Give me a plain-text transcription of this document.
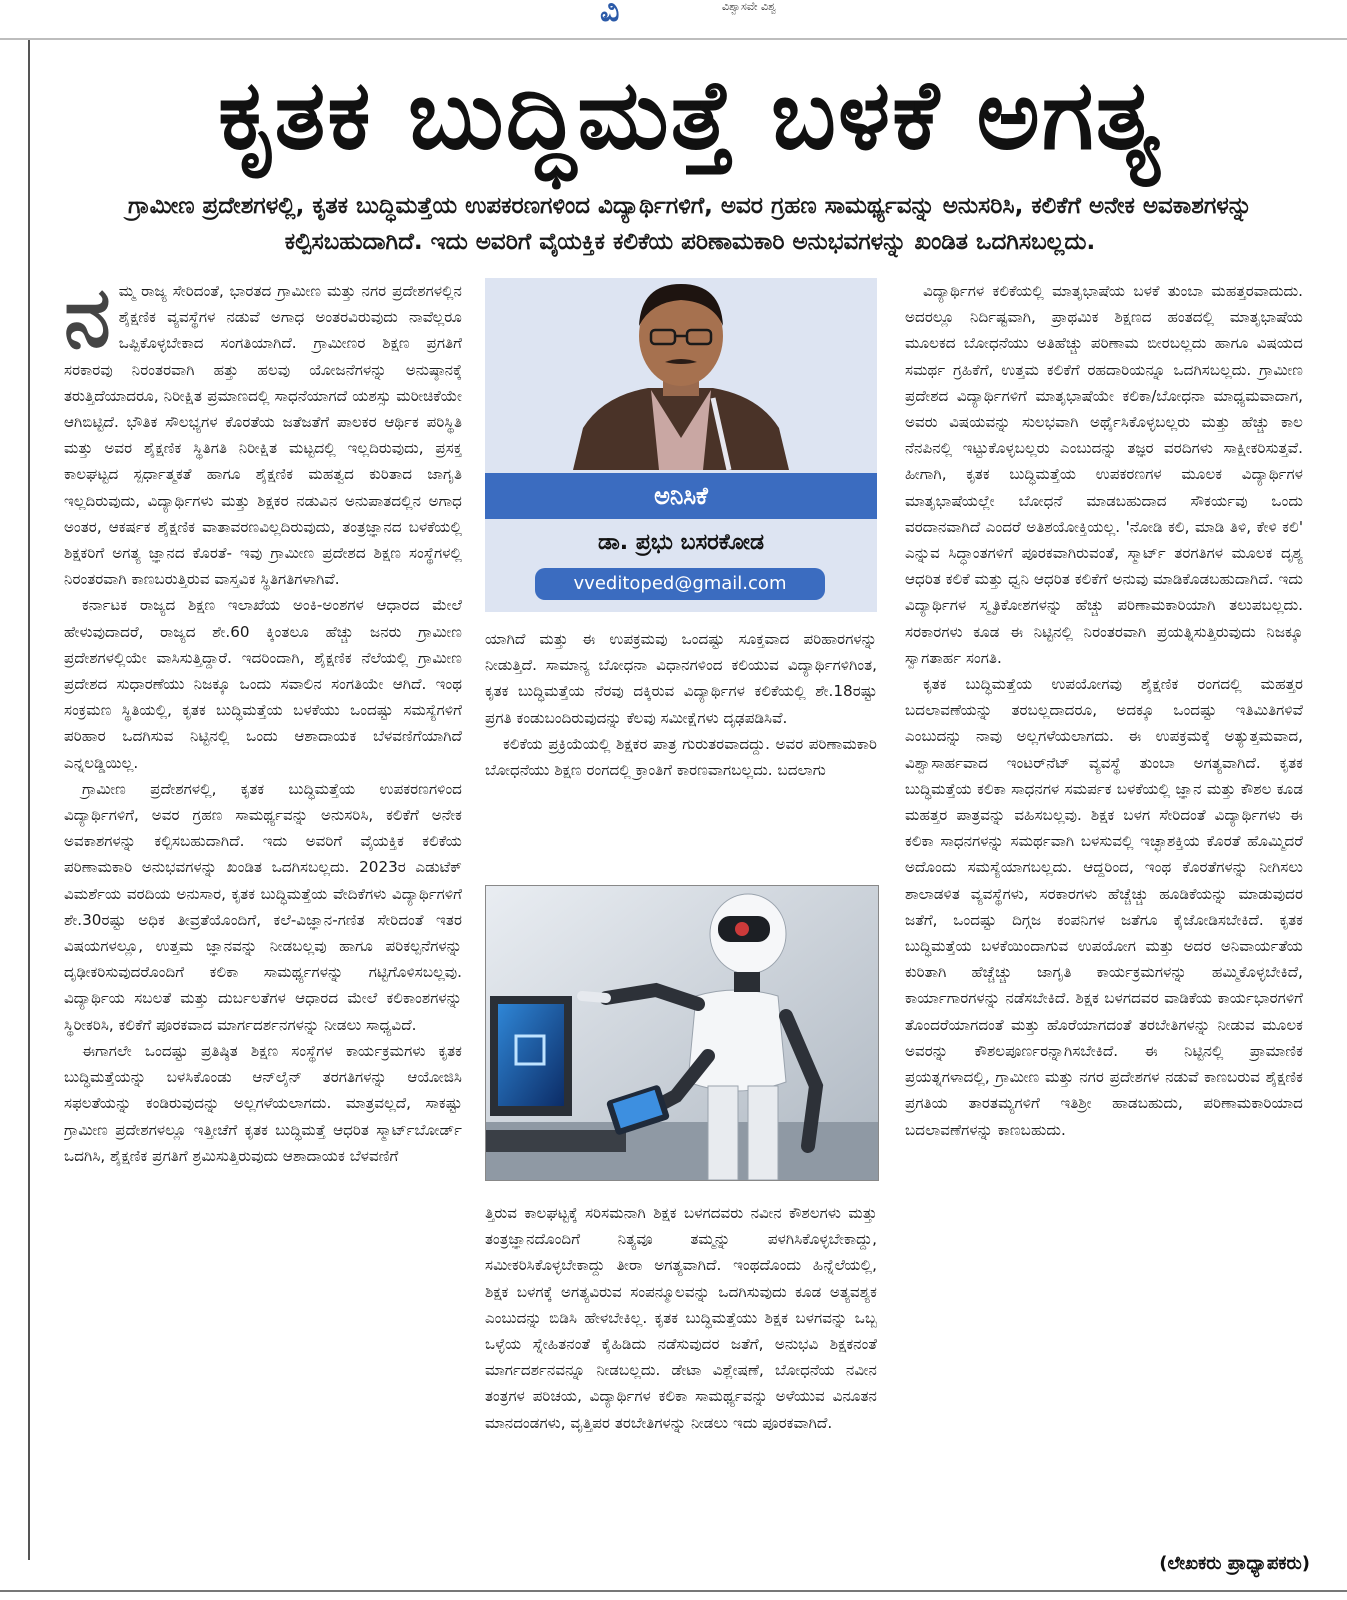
ವಿ	ವಿಶ್ವಾಸವೇ ವಿಶ್ವ
ಕೃತಕ ಬುದ್ಧಿಮತ್ತೆ ಬಳಕೆ ಅಗತ್ಯ
ಗ್ರಾಮೀಣ ಪ್ರದೇಶಗಳಲ್ಲಿ, ಕೃತಕ ಬುದ್ಧಿಮತ್ತೆಯ ಉಪಕರಣಗಳಿಂದ ವಿದ್ಯಾರ್ಥಿಗಳಿಗೆ, ಅವರ ಗ್ರಹಣ ಸಾಮರ್ಥ್ಯವನ್ನು ಅನುಸರಿಸಿ, ಕಲಿಕೆಗೆ ಅನೇಕ ಅವಕಾಶಗಳನ್ನು ಕಲ್ಪಿಸಬಹುದಾಗಿದೆ. ಇದು ಅವರಿಗೆ ವೈಯಕ್ತಿಕ ಕಲಿಕೆಯ ಪರಿಣಾಮಕಾರಿ ಅನುಭವಗಳನ್ನು ಖಂಡಿತ ಒದಗಿಸಬಲ್ಲದು.

ನಮ್ಮ ರಾಜ್ಯ ಸೇರಿದಂತೆ, ಭಾರತದ ಗ್ರಾಮೀಣ ಮತ್ತು ನಗರ ಪ್ರದೇಶಗಳಲ್ಲಿನ ಶೈಕ್ಷಣಿಕ ವ್ಯವಸ್ಥೆಗಳ ನಡುವೆ ಅಗಾಧ ಅಂತರವಿರುವುದು ನಾವೆಲ್ಲರೂ ಒಪ್ಪಿಕೊಳ್ಳಬೇಕಾದ ಸಂಗತಿಯಾಗಿದೆ. ಗ್ರಾಮೀಣರ ಶಿಕ್ಷಣ ಪ್ರಗತಿಗೆ ಸರಕಾರವು ನಿರಂತರವಾಗಿ ಹತ್ತು ಹಲವು ಯೋಜನೆಗಳನ್ನು ಅನುಷ್ಠಾನಕ್ಕೆ ತರುತ್ತಿದೆಯಾದರೂ, ನಿರೀಕ್ಷಿತ ಪ್ರಮಾಣದಲ್ಲಿ ಸಾಧನೆಯಾಗದೆ ಯಶಸ್ಸು ಮರೀಚಿಕೆಯೇ ಆಗಿಬಿಟ್ಟಿದೆ. ಭೌತಿಕ ಸೌಲಭ್ಯಗಳ ಕೊರತೆಯ ಜತೆಜತೆಗೆ ಪಾಲಕರ ಆರ್ಥಿಕ ಪರಿಸ್ಥಿತಿ ಮತ್ತು ಅವರ ಶೈಕ್ಷಣಿಕ ಸ್ಥಿತಿಗತಿ ನಿರೀಕ್ಷಿತ ಮಟ್ಟದಲ್ಲಿ ಇಲ್ಲದಿರುವುದು, ಪ್ರಸಕ್ತ ಕಾಲಘಟ್ಟದ ಸ್ಪರ್ಧಾತ್ಮಕತೆ ಹಾಗೂ ಶೈಕ್ಷಣಿಕ ಮಹತ್ವದ ಕುರಿತಾದ ಜಾಗೃತಿ ಇಲ್ಲದಿರುವುದು, ವಿದ್ಯಾರ್ಥಿಗಳು ಮತ್ತು ಶಿಕ್ಷಕರ ನಡುವಿನ ಅನುಪಾತದಲ್ಲಿನ ಅಗಾಧ ಅಂತರ, ಆಕರ್ಷಕ ಶೈಕ್ಷಣಿಕ ವಾತಾವರಣವಿಲ್ಲದಿರುವುದು, ತಂತ್ರಜ್ಞಾನದ ಬಳಕೆಯಲ್ಲಿ ಶಿಕ್ಷಕರಿಗೆ ಅಗತ್ಯ ಜ್ಞಾನದ ಕೊರತೆ- ಇವು ಗ್ರಾಮೀಣ ಪ್ರದೇಶದ ಶಿಕ್ಷಣ ಸಂಸ್ಥೆಗಳಲ್ಲಿ ನಿರಂತರವಾಗಿ ಕಾಣಬರುತ್ತಿರುವ ವಾಸ್ತವಿಕ ಸ್ಥಿತಿಗತಿಗಳಾಗಿವೆ.

ಕರ್ನಾಟಕ ರಾಜ್ಯದ ಶಿಕ್ಷಣ ಇಲಾಖೆಯ ಅಂಕಿ-ಅಂಶಗಳ ಆಧಾರದ ಮೇಲೆ ಹೇಳುವುದಾದರೆ, ರಾಜ್ಯದ ಶೇ.60 ಕ್ಕಿಂತಲೂ ಹೆಚ್ಚು ಜನರು ಗ್ರಾಮೀಣ ಪ್ರದೇಶಗಳಲ್ಲಿಯೇ ವಾಸಿಸುತ್ತಿದ್ದಾರೆ. ಇದರಿಂದಾಗಿ, ಶೈಕ್ಷಣಿಕ ನೆಲೆಯಲ್ಲಿ ಗ್ರಾಮೀಣ ಪ್ರದೇಶದ ಸುಧಾರಣೆಯು ನಿಜಕ್ಕೂ ಒಂದು ಸವಾಲಿನ ಸಂಗತಿಯೇ ಆಗಿದೆ. ಇಂಥ ಸಂಕ್ರಮಣ ಸ್ಥಿತಿಯಲ್ಲಿ, ಕೃತಕ ಬುದ್ಧಿಮತ್ತೆಯ ಬಳಕೆಯು ಒಂದಷ್ಟು ಸಮಸ್ಯೆಗಳಿಗೆ ಪರಿಹಾರ ಒದಗಿಸುವ ನಿಟ್ಟಿನಲ್ಲಿ ಒಂದು ಆಶಾದಾಯಕ ಬೆಳವಣಿಗೆಯಾಗಿದೆ ಎನ್ನಲಡ್ಡಿಯಿಲ್ಲ.

ಗ್ರಾಮೀಣ ಪ್ರದೇಶಗಳಲ್ಲಿ, ಕೃತಕ ಬುದ್ಧಿಮತ್ತೆಯ ಉಪಕರಣಗಳಿಂದ ವಿದ್ಯಾರ್ಥಿಗಳಿಗೆ, ಅವರ ಗ್ರಹಣ ಸಾಮರ್ಥ್ಯವನ್ನು ಅನುಸರಿಸಿ, ಕಲಿಕೆಗೆ ಅನೇಕ ಅವಕಾಶಗಳನ್ನು ಕಲ್ಪಿಸಬಹುದಾಗಿದೆ. ಇದು ಅವರಿಗೆ ವೈಯಕ್ತಿಕ ಕಲಿಕೆಯ ಪರಿಣಾಮಕಾರಿ ಅನುಭವಗಳನ್ನು ಖಂಡಿತ ಒದಗಿಸಬಲ್ಲದು. 2023ರ ಎಡುಟೆಕ್ ವಿಮರ್ಶೆಯ ವರದಿಯ ಅನುಸಾರ, ಕೃತಕ ಬುದ್ಧಿಮತ್ತೆಯ ವೇದಿಕೆಗಳು ವಿದ್ಯಾರ್ಥಿಗಳಿಗೆ ಶೇ.30ರಷ್ಟು ಅಧಿಕ ತೀವ್ರತೆಯೊಂದಿಗೆ, ಕಲೆ-ವಿಜ್ಞಾನ-ಗಣಿತ ಸೇರಿದಂತೆ ಇತರ ವಿಷಯಗಳಲ್ಲೂ, ಉತ್ತಮ ಜ್ಞಾನವನ್ನು ನೀಡಬಲ್ಲವು ಹಾಗೂ ಪರಿಕಲ್ಪನೆಗಳನ್ನು ದೃಢೀಕರಿಸುವುದರೊಂದಿಗೆ ಕಲಿಕಾ ಸಾಮರ್ಥ್ಯಗಳನ್ನು ಗಟ್ಟಿಗೊಳಿಸಬಲ್ಲವು. ವಿದ್ಯಾರ್ಥಿಯ ಸಬಲತೆ ಮತ್ತು ದುರ್ಬಲತೆಗಳ ಆಧಾರದ ಮೇಲೆ ಕಲಿಕಾಂಶಗಳನ್ನು ಸ್ಥಿರೀಕರಿಸಿ, ಕಲಿಕೆಗೆ ಪೂರಕವಾದ ಮಾರ್ಗದರ್ಶನಗಳನ್ನು ನೀಡಲು ಸಾಧ್ಯವಿದೆ.

ಈಗಾಗಲೇ ಒಂದಷ್ಟು ಪ್ರತಿಷ್ಠಿತ ಶಿಕ್ಷಣ ಸಂಸ್ಥೆಗಳ ಕಾರ್ಯಕ್ರಮಗಳು ಕೃತಕ ಬುದ್ಧಿಮತ್ತೆಯನ್ನು ಬಳಸಿಕೊಂಡು ಆನ್‌ಲೈನ್ ತರಗತಿಗಳನ್ನು ಆಯೋಜಿಸಿ ಸಫಲತೆಯನ್ನು ಕಂಡಿರುವುದನ್ನು ಅಲ್ಲಗಳೆಯಲಾಗದು. ಮಾತ್ರವಲ್ಲದೆ, ಸಾಕಷ್ಟು ಗ್ರಾಮೀಣ ಪ್ರದೇಶಗಳಲ್ಲೂ ಇತ್ತೀಚೆಗೆ ಕೃತಕ ಬುದ್ಧಿಮತ್ತೆ ಆಧರಿತ ಸ್ಮಾರ್ಟ್‌ಬೋರ್ಡ್ ಒದಗಿಸಿ, ಶೈಕ್ಷಣಿಕ ಪ್ರಗತಿಗೆ ಶ್ರಮಿಸುತ್ತಿರುವುದು ಆಶಾದಾಯಕ ಬೆಳವಣಿಗೆ

ಅನಿಸಿಕೆ
ಡಾ. ಪ್ರಭು ಬಸರಕೋಡ
vveditoped@gmail.com

ಯಾಗಿದೆ ಮತ್ತು ಈ ಉಪಕ್ರಮವು ಒಂದಷ್ಟು ಸೂಕ್ತವಾದ ಪರಿಹಾರಗಳನ್ನು ನೀಡುತ್ತಿದೆ. ಸಾಮಾನ್ಯ ಬೋಧನಾ ವಿಧಾನಗಳಿಂದ ಕಲಿಯುವ ವಿದ್ಯಾರ್ಥಿಗಳಿಗಿಂತ, ಕೃತಕ ಬುದ್ಧಿಮತ್ತೆಯ ನೆರವು ದಕ್ಕಿರುವ ವಿದ್ಯಾರ್ಥಿಗಳ ಕಲಿಕೆಯಲ್ಲಿ ಶೇ.18ರಷ್ಟು ಪ್ರಗತಿ ಕಂಡುಬಂದಿರುವುದನ್ನು ಕೆಲವು ಸಮೀಕ್ಷೆಗಳು ದೃಢಪಡಿಸಿವೆ.

ಕಲಿಕೆಯ ಪ್ರಕ್ರಿಯೆಯಲ್ಲಿ ಶಿಕ್ಷಕರ ಪಾತ್ರ ಗುರುತರವಾದದ್ದು. ಅವರ ಪರಿಣಾಮಕಾರಿ ಬೋಧನೆಯು ಶಿಕ್ಷಣ ರಂಗದಲ್ಲಿ ಕ್ರಾಂತಿಗೆ ಕಾರಣವಾಗಬಲ್ಲದು. ಬದಲಾಗು

ತ್ತಿರುವ ಕಾಲಘಟ್ಟಕ್ಕೆ ಸರಿಸಮನಾಗಿ ಶಿಕ್ಷಕ ಬಳಗದವರು ನವೀನ ಕೌಶಲಗಳು ಮತ್ತು ತಂತ್ರಜ್ಞಾನದೊಂದಿಗೆ ನಿತ್ಯವೂ ತಮ್ಮನ್ನು ಪಳಗಿಸಿಕೊಳ್ಳಬೇಕಾದ್ದು, ಸಮೀಕರಿಸಿಕೊಳ್ಳಬೇಕಾದ್ದು ತೀರಾ ಅಗತ್ಯವಾಗಿದೆ. ಇಂಥದೊಂದು ಹಿನ್ನೆಲೆಯಲ್ಲಿ, ಶಿಕ್ಷಕ ಬಳಗಕ್ಕೆ ಅಗತ್ಯವಿರುವ ಸಂಪನ್ಮೂಲವನ್ನು ಒದಗಿಸುವುದು ಕೂಡ ಅತ್ಯವಶ್ಯಕ ಎಂಬುದನ್ನು ಬಿಡಿಸಿ ಹೇಳಬೇಕಿಲ್ಲ. ಕೃತಕ ಬುದ್ಧಿಮತ್ತೆಯು ಶಿಕ್ಷಕ ಬಳಗವನ್ನು ಒಬ್ಬ ಒಳ್ಳೆಯ ಸ್ನೇಹಿತನಂತೆ ಕೈಹಿಡಿದು ನಡೆಸುವುದರ ಜತೆಗೆ, ಅನುಭವಿ ಶಿಕ್ಷಕನಂತೆ ಮಾರ್ಗದರ್ಶನವನ್ನೂ ನೀಡಬಲ್ಲದು. ಡೇಟಾ ವಿಶ್ಲೇಷಣೆ, ಬೋಧನೆಯ ನವೀನ ತಂತ್ರಗಳ ಪರಿಚಯ, ವಿದ್ಯಾರ್ಥಿಗಳ ಕಲಿಕಾ ಸಾಮರ್ಥ್ಯವನ್ನು ಅಳೆಯುವ ವಿನೂತನ ಮಾನದಂಡಗಳು, ವೃತ್ತಿಪರ ತರಬೇತಿಗಳನ್ನು ನೀಡಲು ಇದು ಪೂರಕವಾಗಿದೆ.

ವಿದ್ಯಾರ್ಥಿಗಳ ಕಲಿಕೆಯಲ್ಲಿ ಮಾತೃಭಾಷೆಯ ಬಳಕೆ ತುಂಬಾ ಮಹತ್ತರವಾದುದು. ಅದರಲ್ಲೂ ನಿರ್ದಿಷ್ಟವಾಗಿ, ಪ್ರಾಥಮಿಕ ಶಿಕ್ಷಣದ ಹಂತದಲ್ಲಿ ಮಾತೃಭಾಷೆಯ ಮೂಲಕದ ಬೋಧನೆಯು ಅತಿಹೆಚ್ಚು ಪರಿಣಾಮ ಬೀರಬಲ್ಲದು ಹಾಗೂ ವಿಷಯದ ಸಮರ್ಥ ಗ್ರಹಿಕೆಗೆ, ಉತ್ತಮ ಕಲಿಕೆಗೆ ರಹದಾರಿಯನ್ನೂ ಒದಗಿಸಬಲ್ಲದು. ಗ್ರಾಮೀಣ ಪ್ರದೇಶದ ವಿದ್ಯಾರ್ಥಿಗಳಿಗೆ ಮಾತೃಭಾಷೆಯೇ ಕಲಿಕಾ/ಬೋಧನಾ ಮಾಧ್ಯಮವಾದಾಗ, ಅವರು ವಿಷಯವನ್ನು ಸುಲಭವಾಗಿ ಅರ್ಥೈಸಿಕೊಳ್ಳಬಲ್ಲರು ಮತ್ತು ಹೆಚ್ಚು ಕಾಲ ನೆನಪಿನಲ್ಲಿ ಇಟ್ಟುಕೊಳ್ಳಬಲ್ಲರು ಎಂಬುದನ್ನು ತಜ್ಞರ ವರದಿಗಳು ಸಾಕ್ಷೀಕರಿಸುತ್ತವೆ. ಹೀಗಾಗಿ, ಕೃತಕ ಬುದ್ಧಿಮತ್ತೆಯ ಉಪಕರಣಗಳ ಮೂಲಕ ವಿದ್ಯಾರ್ಥಿಗಳ ಮಾತೃಭಾಷೆಯಲ್ಲೇ ಬೋಧನೆ ಮಾಡಬಹುದಾದ ಸೌಕರ್ಯವು ಒಂದು ವರದಾನವಾಗಿದೆ ಎಂದರೆ ಅತಿಶಯೋಕ್ತಿಯಲ್ಲ. 'ನೋಡಿ ಕಲಿ, ಮಾಡಿ ತಿಳಿ, ಕೇಳಿ ಕಲಿ' ಎನ್ನುವ ಸಿದ್ಧಾಂತಗಳಿಗೆ ಪೂರಕವಾಗಿರುವಂತೆ, ಸ್ಮಾರ್ಟ್ ತರಗತಿಗಳ ಮೂಲಕ ದೃಶ್ಯ ಆಧರಿತ ಕಲಿಕೆ ಮತ್ತು ಧ್ವನಿ ಆಧರಿತ ಕಲಿಕೆಗೆ ಅನುವು ಮಾಡಿಕೊಡಬಹುದಾಗಿದೆ. ಇದು ವಿದ್ಯಾರ್ಥಿಗಳ ಸ್ಮೃತಿಕೋಶಗಳನ್ನು ಹೆಚ್ಚು ಪರಿಣಾಮಕಾರಿಯಾಗಿ ತಲುಪಬಲ್ಲದು. ಸರಕಾರಗಳು ಕೂಡ ಈ ನಿಟ್ಟಿನಲ್ಲಿ ನಿರಂತರವಾಗಿ ಪ್ರಯತ್ನಿಸುತ್ತಿರುವುದು ನಿಜಕ್ಕೂ ಸ್ವಾಗತಾರ್ಹ ಸಂಗತಿ.

ಕೃತಕ ಬುದ್ಧಿಮತ್ತೆಯ ಉಪಯೋಗವು ಶೈಕ್ಷಣಿಕ ರಂಗದಲ್ಲಿ ಮಹತ್ತರ ಬದಲಾವಣೆಯನ್ನು ತರಬಲ್ಲದಾದರೂ, ಅದಕ್ಕೂ ಒಂದಷ್ಟು ಇತಿಮಿತಿಗಳಿವೆ ಎಂಬುದನ್ನು ನಾವು ಅಲ್ಲಗಳೆಯಲಾಗದು. ಈ ಉಪಕ್ರಮಕ್ಕೆ ಅತ್ಯುತ್ತಮವಾದ, ವಿಶ್ವಾಸಾರ್ಹವಾದ ಇಂಟರ್‌ನೆಟ್ ವ್ಯವಸ್ಥೆ ತುಂಬಾ ಅಗತ್ಯವಾಗಿದೆ. ಕೃತಕ ಬುದ್ಧಿಮತ್ತೆಯ ಕಲಿಕಾ ಸಾಧನಗಳ ಸಮರ್ಪಕ ಬಳಕೆಯಲ್ಲಿ ಜ್ಞಾನ ಮತ್ತು ಕೌಶಲ ಕೂಡ ಮಹತ್ತರ ಪಾತ್ರವನ್ನು ವಹಿಸಬಲ್ಲವು. ಶಿಕ್ಷಕ ಬಳಗ ಸೇರಿದಂತೆ ವಿದ್ಯಾರ್ಥಿಗಳು ಈ ಕಲಿಕಾ ಸಾಧನಗಳನ್ನು ಸಮರ್ಥವಾಗಿ ಬಳಸುವಲ್ಲಿ ಇಚ್ಛಾಶಕ್ತಿಯ ಕೊರತೆ ಹೊಮ್ಮಿದರೆ ಅದೊಂದು ಸಮಸ್ಯೆಯಾಗಬಲ್ಲದು. ಆದ್ದರಿಂದ, ಇಂಥ ಕೊರತೆಗಳನ್ನು ನೀಗಿಸಲು ಶಾಲಾಡಳಿತ ವ್ಯವಸ್ಥೆಗಳು, ಸರಕಾರಗಳು ಹೆಚ್ಚೆಚ್ಚು ಹೂಡಿಕೆಯನ್ನು ಮಾಡುವುದರ ಜತೆಗೆ, ಒಂದಷ್ಟು ದಿಗ್ಗಜ ಕಂಪನಿಗಳ ಜತೆಗೂ ಕೈಜೋಡಿಸಬೇಕಿದೆ. ಕೃತಕ ಬುದ್ಧಿಮತ್ತೆಯ ಬಳಕೆಯಿಂದಾಗುವ ಉಪಯೋಗ ಮತ್ತು ಅದರ ಅನಿವಾರ್ಯತೆಯ ಕುರಿತಾಗಿ ಹೆಚ್ಚೆಚ್ಚು ಜಾಗೃತಿ ಕಾರ್ಯಕ್ರಮಗಳನ್ನು ಹಮ್ಮಿಕೊಳ್ಳಬೇಕಿದೆ, ಕಾರ್ಯಾಗಾರಗಳನ್ನು ನಡೆಸಬೇಕಿದೆ. ಶಿಕ್ಷಕ ಬಳಗದವರ ವಾಡಿಕೆಯ ಕಾರ್ಯಭಾರಗಳಿಗೆ ತೊಂದರೆಯಾಗದಂತೆ ಮತ್ತು ಹೊರೆಯಾಗದಂತೆ ತರಬೇತಿಗಳನ್ನು ನೀಡುವ ಮೂಲಕ ಅವರನ್ನು ಕೌಶಲಪೂರ್ಣರನ್ನಾಗಿಸಬೇಕಿದೆ. ಈ ನಿಟ್ಟಿನಲ್ಲಿ ಪ್ರಾಮಾಣಿಕ ಪ್ರಯತ್ನಗಳಾದಲ್ಲಿ, ಗ್ರಾಮೀಣ ಮತ್ತು ನಗರ ಪ್ರದೇಶಗಳ ನಡುವೆ ಕಾಣಬರುವ ಶೈಕ್ಷಣಿಕ ಪ್ರಗತಿಯ ತಾರತಮ್ಯಗಳಿಗೆ ಇತಿಶ್ರೀ ಹಾಡಬಹುದು, ಪರಿಣಾಮಕಾರಿಯಾದ ಬದಲಾವಣೆಗಳನ್ನು ಕಾಣಬಹುದು.

(ಲೇಖಕರು ಪ್ರಾಧ್ಯಾಪಕರು)
